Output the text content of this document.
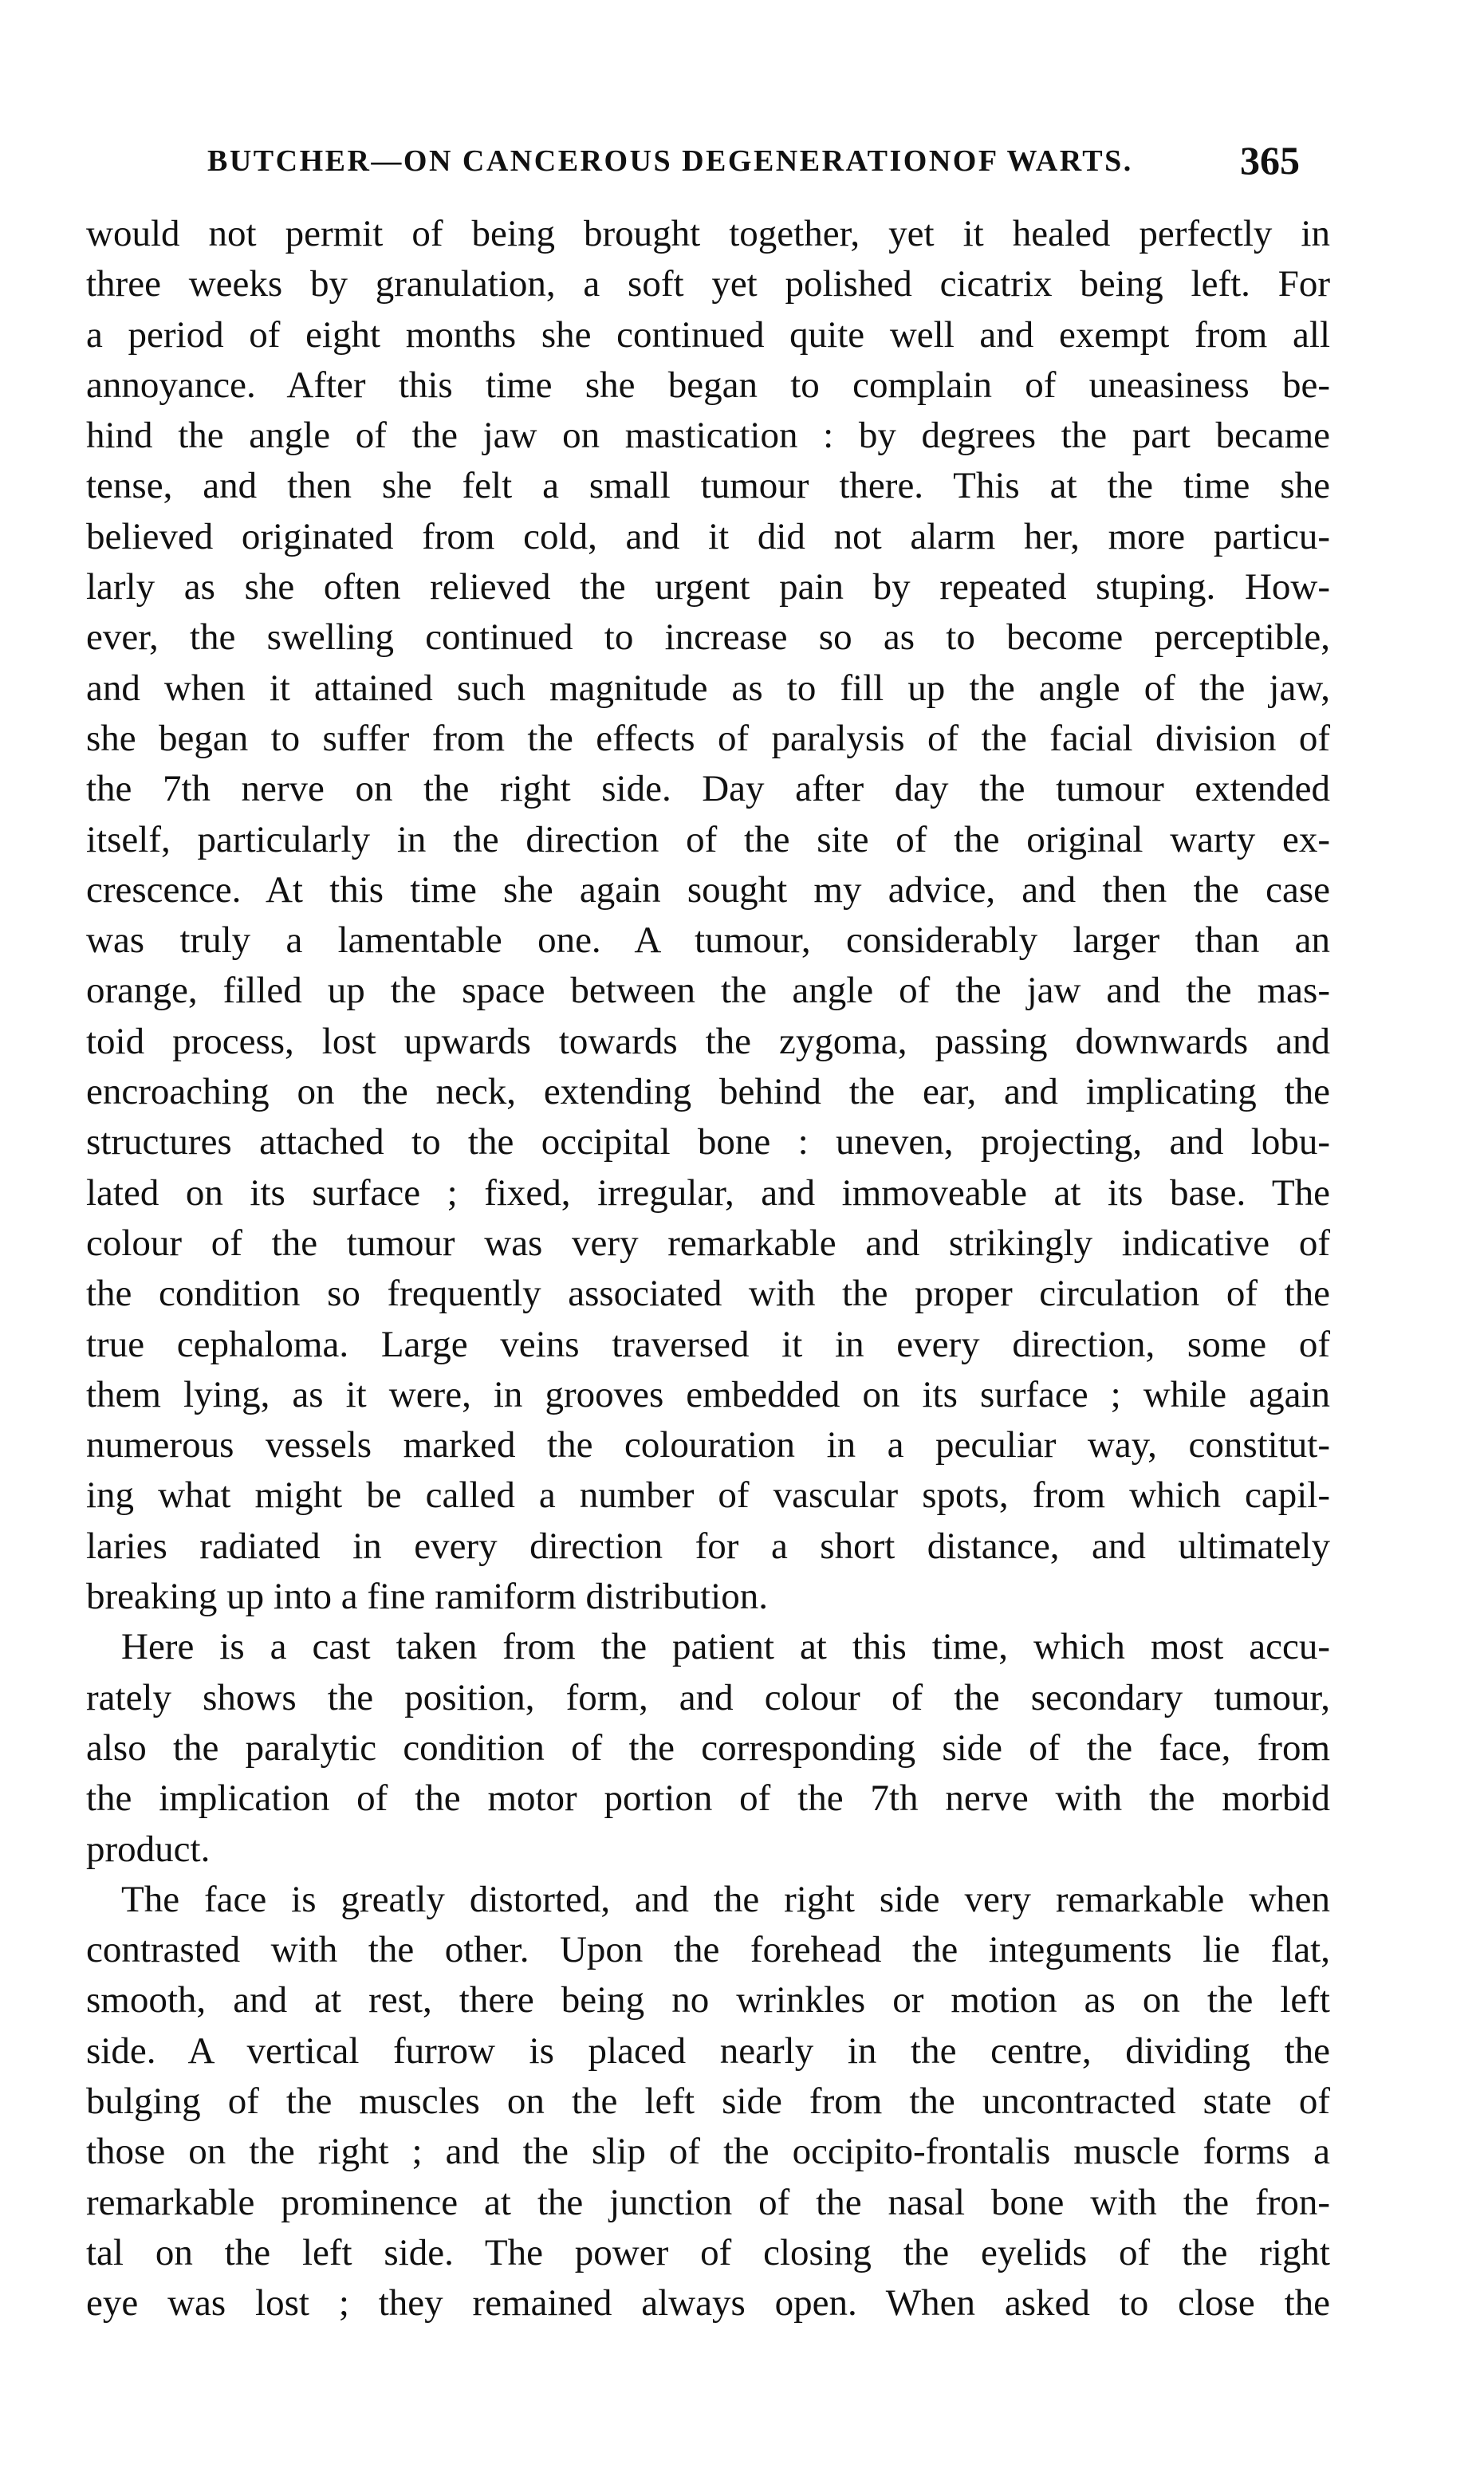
BUTCHER—ON CANCEROUS DEGENERATIONOF WARTS.	365
would not permit of being brought together, yet it healed perfectly in
three weeks by granulation, a soft yet polished cicatrix being left. For
a period of eight months she continued quite well and exempt from all
annoyance. After this time she began to complain of uneasiness be-
hind the angle of the jaw on mastication : by degrees the part became
tense, and then she felt a small tumour there. This at the time she
believed originated from cold, and it did not alarm her, more particu-
larly as she often relieved the urgent pain by repeated stuping. How-
ever, the swelling continued to increase so as to become perceptible,
and when it attained such magnitude as to fill up the angle of the jaw,
she began to suffer from the effects of paralysis of the facial division of
the 7th nerve on the right side. Day after day the tumour extended
itself, particularly in the direction of the site of the original warty ex-
crescence. At this time she again sought my advice, and then the case
was truly a lamentable one. A tumour, considerably larger than an
orange, filled up the space between the angle of the jaw and the mas-
toid process, lost upwards towards the zygoma, passing downwards and
encroaching on the neck, extending behind the ear, and implicating the
structures attached to the occipital bone : uneven, projecting, and lobu-
lated on its surface ; fixed, irregular, and immoveable at its base. The
colour of the tumour was very remarkable and strikingly indicative of
the condition so frequently associated with the proper circulation of the
true cephaloma. Large veins traversed it in every direction, some of
them lying, as it were, in grooves embedded on its surface ; while again
numerous vessels marked the colouration in a peculiar way, constitut-
ing what might be called a number of vascular spots, from which capil-
laries radiated in every direction for a short distance, and ultimately
breaking up into a fine ramiform distribution.
Here is a cast taken from the patient at this time, which most accu-
rately shows the position, form, and colour of the secondary tumour,
also the paralytic condition of the corresponding side of the face, from
the implication of the motor portion of the 7th nerve with the morbid
product.
The face is greatly distorted, and the right side very remarkable when
contrasted with the other. Upon the forehead the integuments lie flat,
smooth, and at rest, there being no wrinkles or motion as on the left
side. A vertical furrow is placed nearly in the centre, dividing the
bulging of the muscles on the left side from the uncontracted state of
those on the right ; and the slip of the occipito-frontalis muscle forms a
remarkable prominence at the junction of the nasal bone with the fron-
tal on the left side. The power of closing the eyelids of the right
eye was lost ; they remained always open. When asked to close the
